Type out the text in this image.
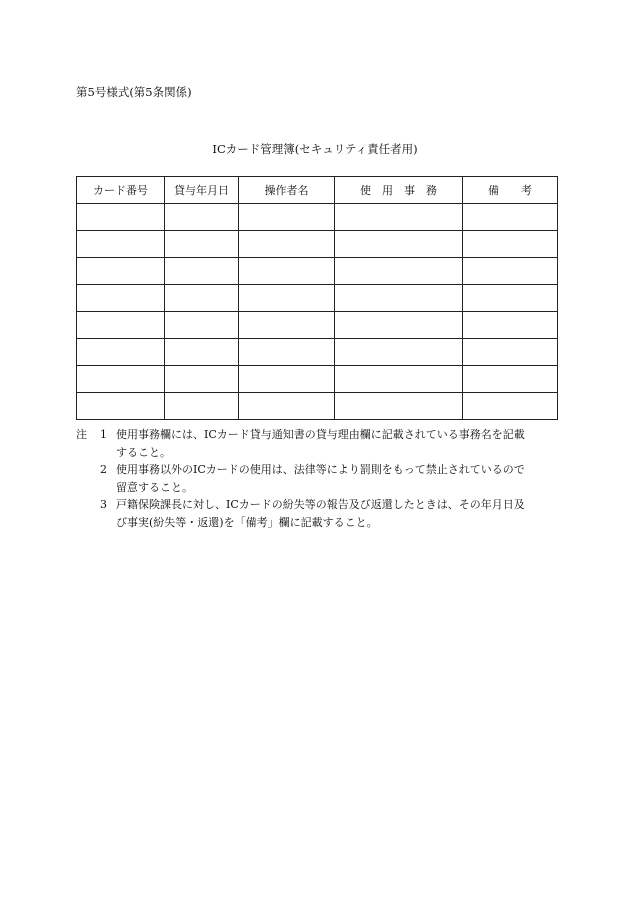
第5号様式(第5条関係)
ICカード管理簿(セキュリティ責任者用)
カード番号	貸与年月日	操作者名	使　用　事　務	備　　考

注 1 使用事務欄には、ICカード貸与通知書の貸与理由欄に記載されている事務名を記載
すること。
2 使用事務以外のICカードの使用は、法律等により罰則をもって禁止されているので
留意すること。
3 戸籍保険課長に対し、ICカードの紛失等の報告及び返還したときは、その年月日及
び事実(紛失等・返還)を「備考」欄に記載すること。
